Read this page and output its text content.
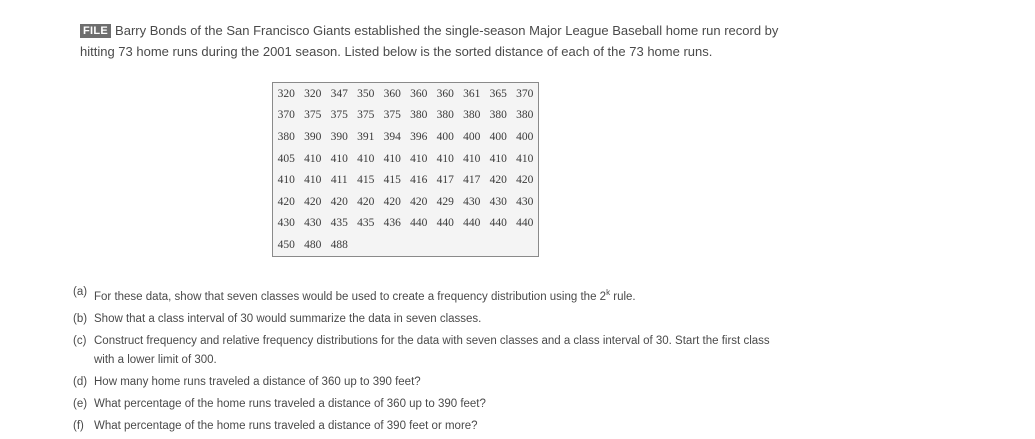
FILE Barry Bonds of the San Francisco Giants established the single-season Major League Baseball home run record by hitting 73 home runs during the 2001 season. Listed below is the sorted distance of each of the 73 home runs.
320	320	347	350	360	360	360	361	365	370
370	375	375	375	375	380	380	380	380	380
380	390	390	391	394	396	400	400	400	400
405	410	410	410	410	410	410	410	410	410
410	410	411	415	415	416	417	417	420	420
420	420	420	420	420	420	429	430	430	430
430	430	435	435	436	440	440	440	440	440
450	480	488							
(a) For these data, show that seven classes would be used to create a frequency distribution using the 2$^k$ rule.
(b) Show that a class interval of 30 would summarize the data in seven classes.
(c) Construct frequency and relative frequency distributions for the data with seven classes and a class interval of 30. Start the first class with a lower limit of 300.
(d) How many home runs traveled a distance of 360 up to 390 feet?
(e) What percentage of the home runs traveled a distance of 360 up to 390 feet?
(f) What percentage of the home runs traveled a distance of 390 feet or more?
